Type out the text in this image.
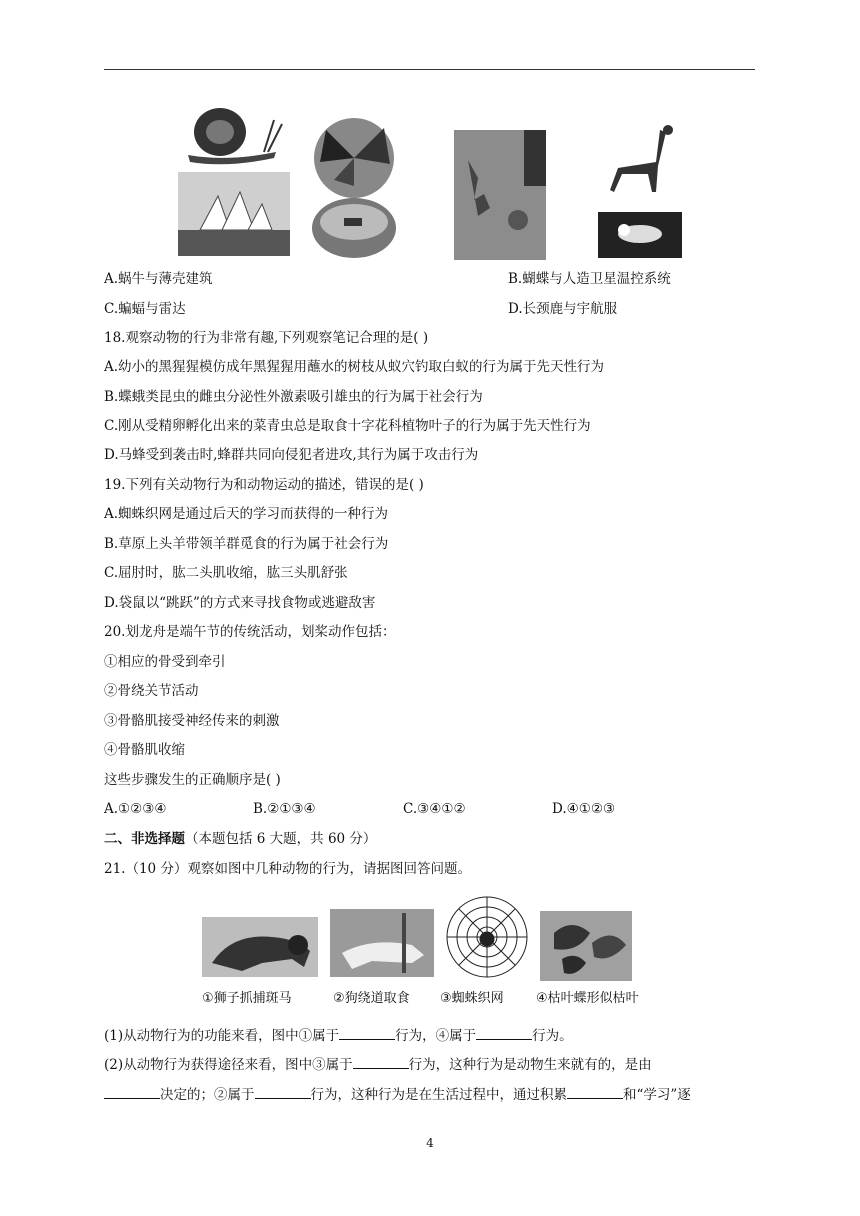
A.蜗牛与薄壳建筑	B.蝴蝶与人造卫星温控系统
C.蝙蝠与雷达	D.长颈鹿与宇航服
18.观察动物的行为非常有趣,下列观察笔记合理的是( )
A.幼小的黑猩猩模仿成年黑猩猩用蘸水的树枝从蚁穴钓取白蚁的行为属于先天性行为
B.蝶蛾类昆虫的雌虫分泌性外激素吸引雄虫的行为属于社会行为
C.刚从受精卵孵化出来的菜青虫总是取食十字花科植物叶子的行为属于先天性行为
D.马蜂受到袭击时,蜂群共同向侵犯者进攻,其行为属于攻击行为
19.下列有关动物行为和动物运动的描述，错误的是( )
A.蜘蛛织网是通过后天的学习而获得的一种行为
B.草原上头羊带领羊群觅食的行为属于社会行为
C.屈肘时，肱二头肌收缩，肱三头肌舒张
D.袋鼠以“跳跃”的方式来寻找食物或逃避敌害
20.划龙舟是端午节的传统活动，划桨动作包括：
①相应的骨受到牵引
②骨绕关节活动
③骨骼肌接受神经传来的刺激
④骨骼肌收缩
这些步骤发生的正确顺序是( )
A.①②③④	B.②①③④	C.③④①②	D.④①②③
二、非选择题（本题包括 6 大题，共 60 分）
21.（10 分）观察如图中几种动物的行为，请据图回答问题。
①狮子抓捕斑马	②狗绕道取食 ③蜘蛛织网 ④枯叶蝶形似枯叶
(1)从动物行为的功能来看，图中①属于	行为，④属于	行为。
(2)从动物行为获得途径来看，图中③属于	行为，这种行为是动物生来就有的，是由
决定的；②属于	行为，这种行为是在生活过程中，通过积累	和“学习”逐
4
